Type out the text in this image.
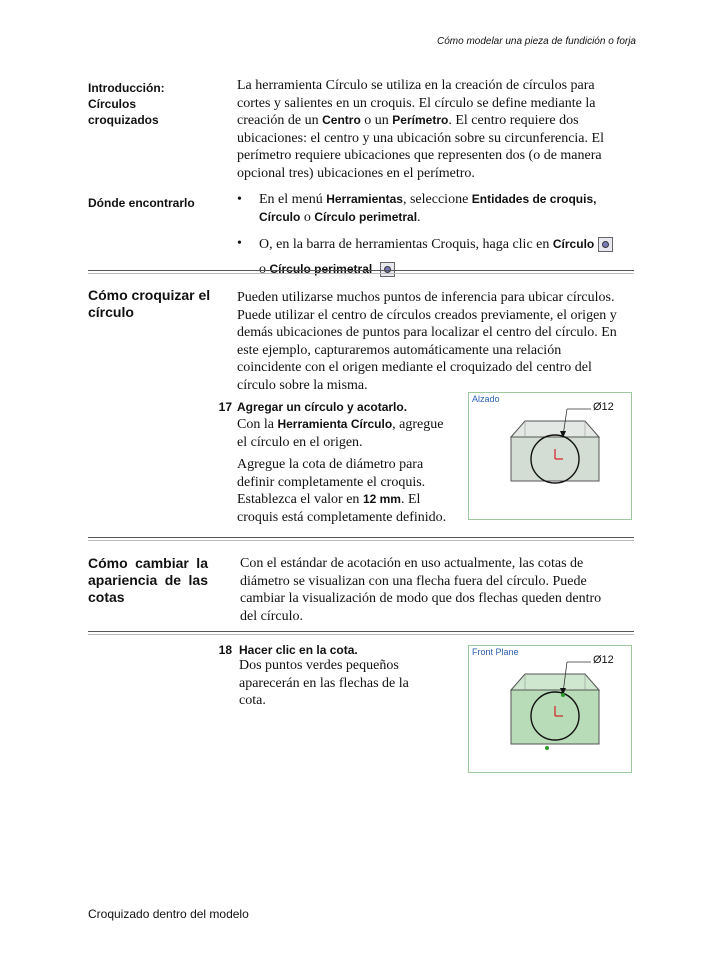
Cómo modelar una pieza de fundición o forja
Introducción: Círculos croquizados
La herramienta Círculo se utiliza en la creación de círculos para cortes y salientes en un croquis. El círculo se define mediante la creación de un Centro o un Perímetro. El centro requiere dos ubicaciones: el centro y una ubicación sobre su circunferencia. El perímetro requiere ubicaciones que representen dos (o de manera opcional tres) ubicaciones en el perímetro.
Dónde encontrarlo	• En el menú Herramientas, seleccione Entidades de croquis, Círculo o Círculo perimetral.
• O, en la barra de herramientas Croquis, haga clic en Círculo
o Círculo perimetral
Cómo croquizar el círculo
Pueden utilizarse muchos puntos de inferencia para ubicar círculos. Puede utilizar el centro de círculos creados previamente, el origen y demás ubicaciones de puntos para localizar el centro del círculo. En este ejemplo, capturaremos automáticamente una relación coincidente con el origen mediante el croquizado del centro del círculo sobre la misma.
17 Agregar un círculo y acotarlo.
Con la Herramienta Círculo, agregue el círculo en el origen.
Agregue la cota de diámetro para definir completamente el croquis. Establezca el valor en 12 mm. El croquis está completamente definido.
Alzado
Ø12
Cómo cambiar la apariencia de las cotas
Con el estándar de acotación en uso actualmente, las cotas de diámetro se visualizan con una flecha fuera del círculo. Puede cambiar la visualización de modo que dos flechas queden dentro del círculo.
18 Hacer clic en la cota.
Dos puntos verdes pequeños aparecerán en las flechas de la cota.
Front Plane
Ø12
Croquizado dentro del modelo
